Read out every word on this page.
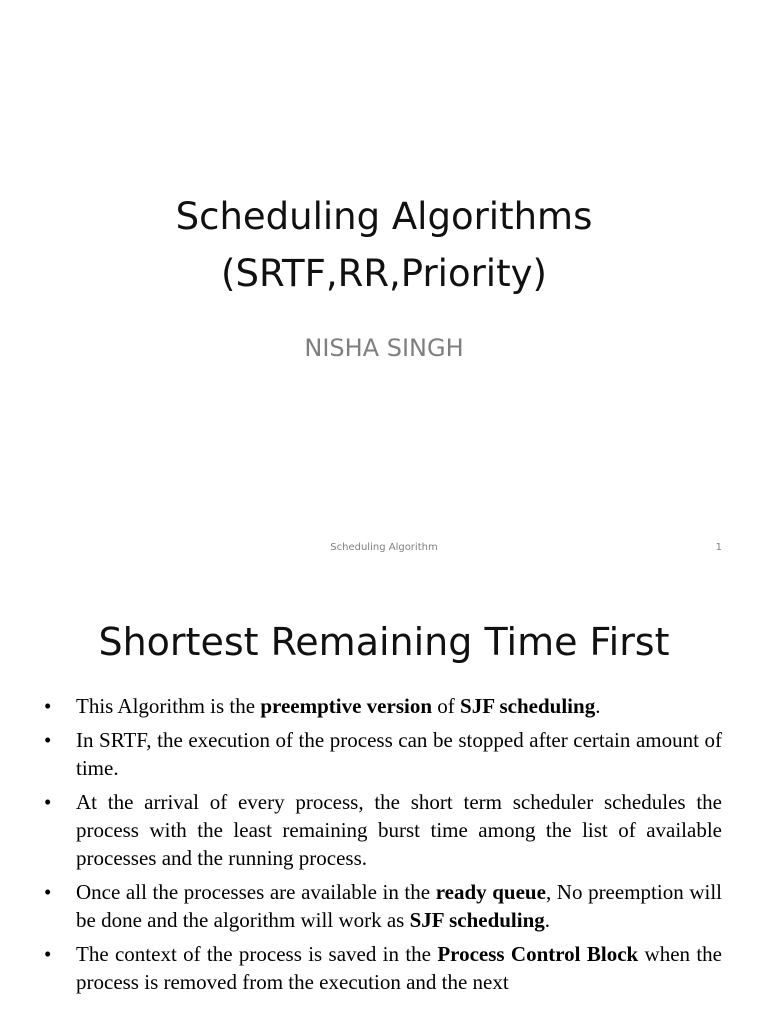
Scheduling Algorithms
(SRTF,RR,Priority)
NISHA SINGH
Scheduling Algorithm	1
Shortest Remaining Time First
•	This Algorithm is the preemptive version of SJF scheduling.
•	In SRTF, the execution of the process can be stopped after certain amount of time.
•	At the arrival of every process, the short term scheduler schedules the process with the least remaining burst time among the list of available processes and the running process.
•	Once all the processes are available in the ready queue, No preemption will be done and the algorithm will work as SJF scheduling.
•	The context of the process is saved in the Process Control Block when the process is removed from the execution and the next
